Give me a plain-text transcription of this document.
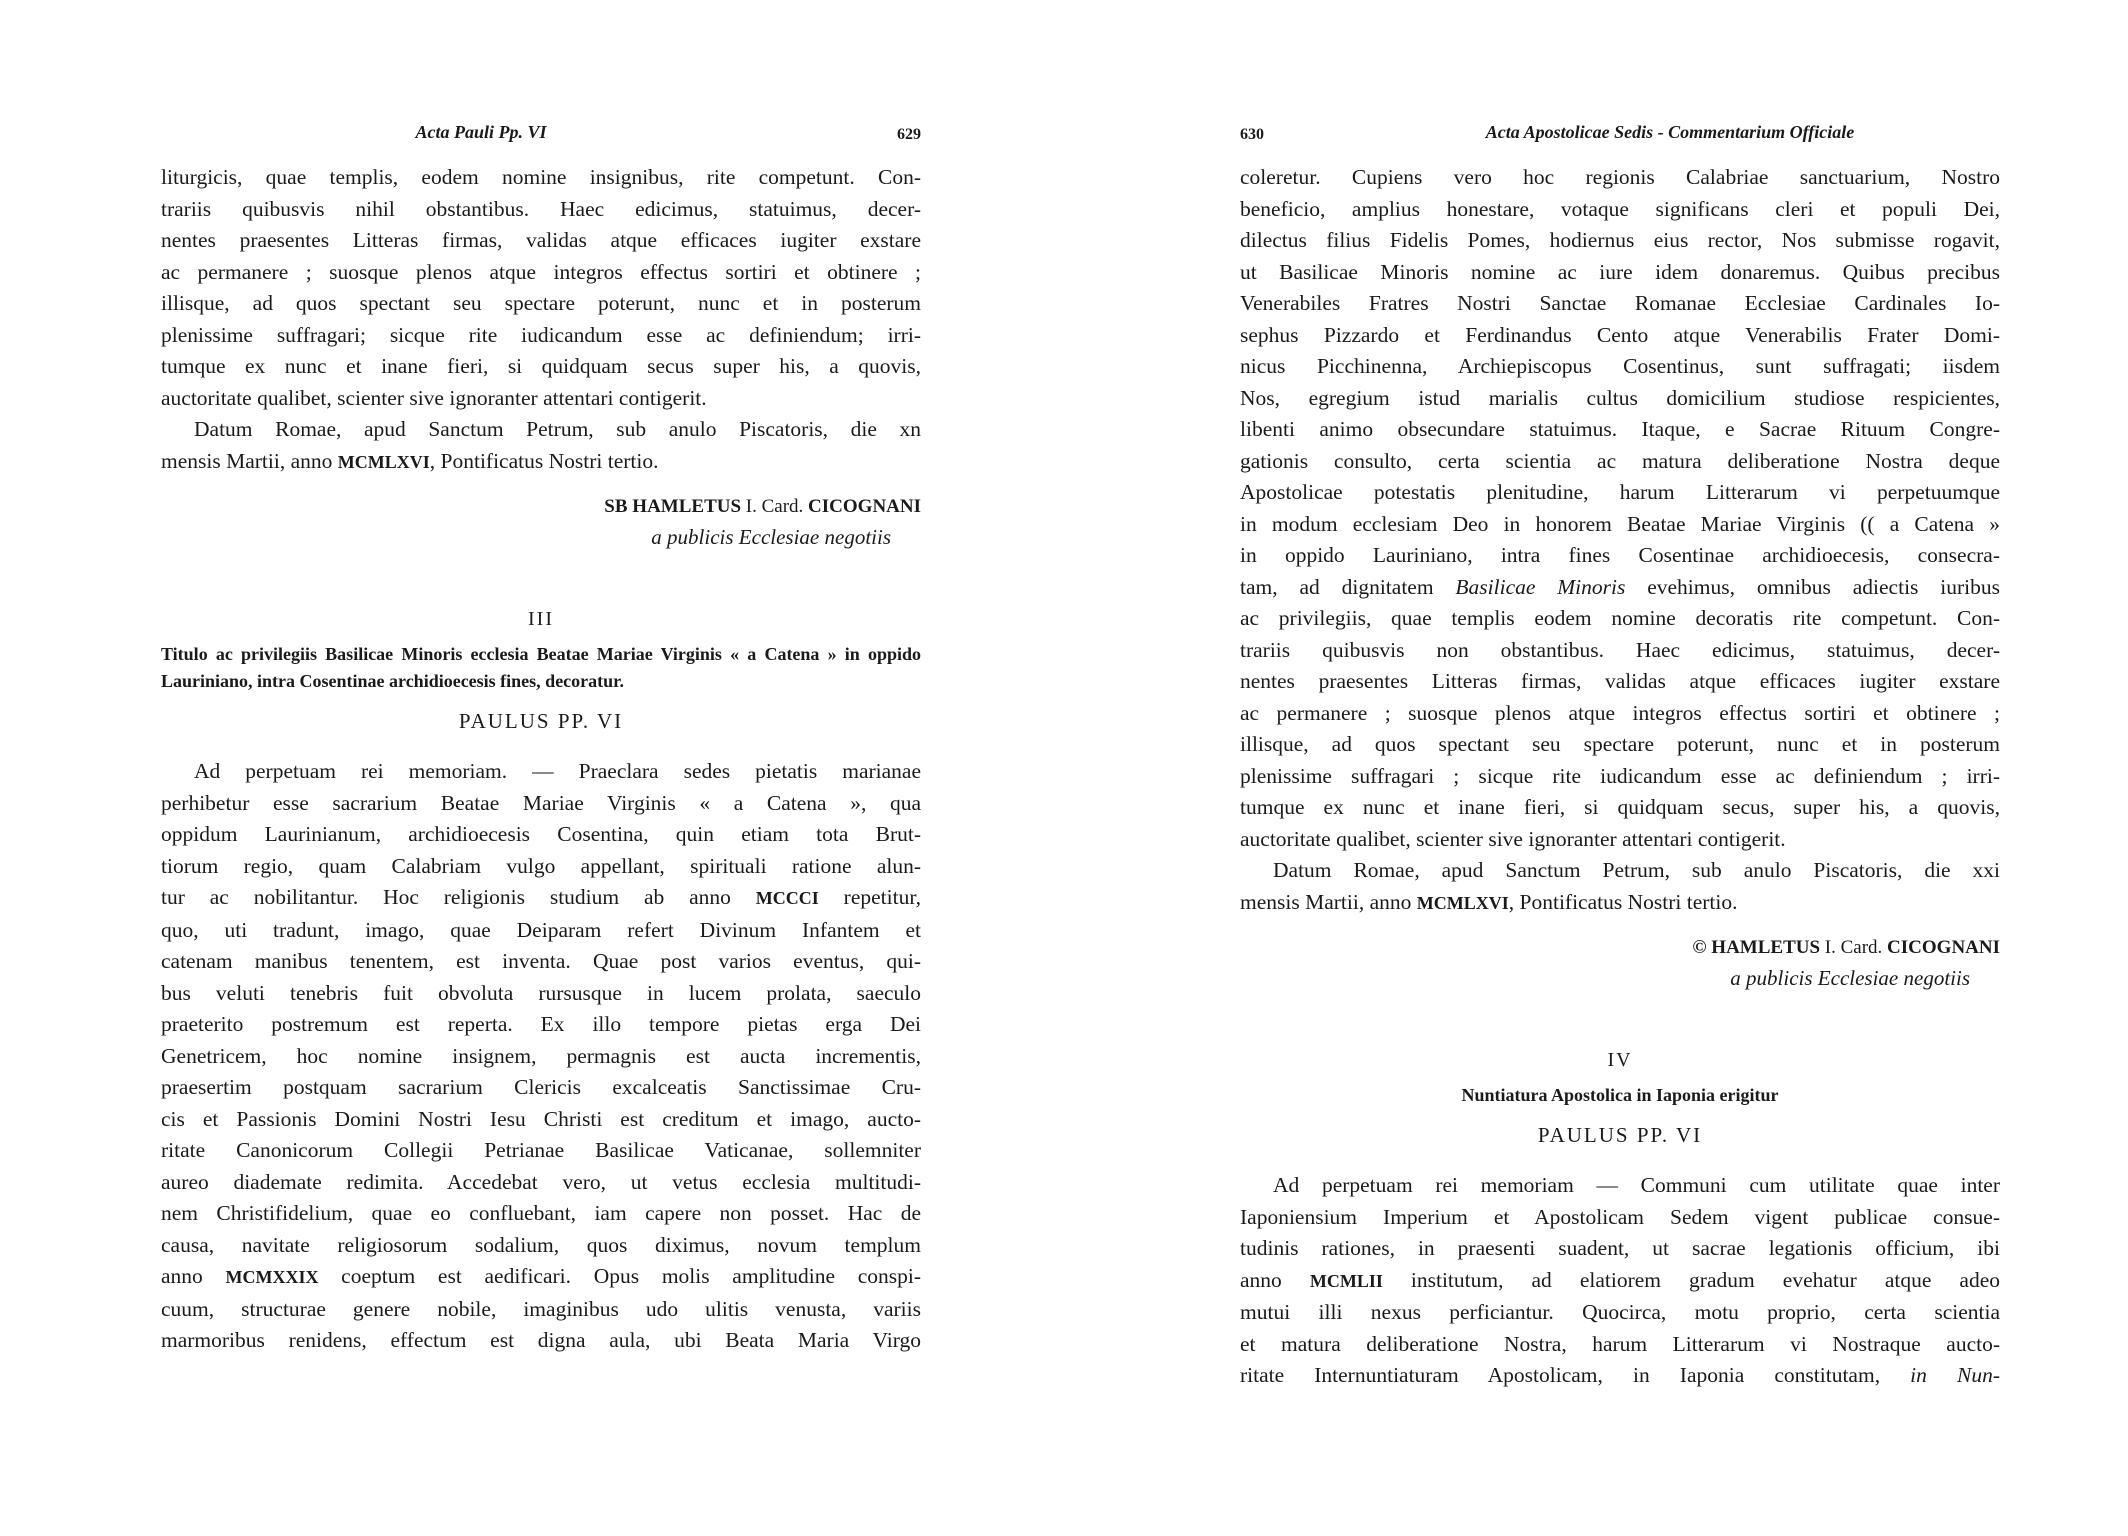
Acta Pauli Pp. VI	629

liturgicis, quae templis, eodem nomine insignibus, rite competunt. Con-

trariis quibusvis nihil obstantibus. Haec edicimus, statuimus, decer-

nentes praesentes Litteras firmas, validas atque efficaces iugiter exstare

ac permanere ; suosque plenos atque integros effectus sortiri et obtinere ;

illisque, ad quos spectant seu spectare poterunt, nunc et in posterum

plenissime suffragari; sicque rite iudicandum esse ac definiendum; irri-

tumque ex nunc et inane fieri, si quidquam secus super his, a quovis,

auctoritate qualibet, scienter sive ignoranter attentari contigerit.

Datum Romae, apud Sanctum Petrum, sub anulo Piscatoris, die xn

mensis Martii, anno MCMLXVI, Pontificatus Nostri tertio.

SB HAMLETUS I. Card. CICOGNANI
a publicis Ecclesiae negotiis
III

Titulo ac privilegiis Basilicae Minoris ecclesia Beatae Mariae Virginis « a Catena » in oppido Lauriniano, intra Cosentinae archidioecesis fines, decoratur.

PAULUS PP. VI

Ad perpetuam rei memoriam. — Praeclara sedes pietatis marianae

perhibetur esse sacrarium Beatae Mariae Virginis « a Catena », qua

oppidum Laurinianum, archidioecesis Cosentina, quin etiam tota Brut-

tiorum regio, quam Calabriam vulgo appellant, spirituali ratione alun-

tur ac nobilitantur. Hoc religionis studium ab anno MCCCI repetitur,

quo, uti tradunt, imago, quae Deiparam refert Divinum Infantem et

catenam manibus tenentem, est inventa. Quae post varios eventus, qui-

bus veluti tenebris fuit obvoluta rursusque in lucem prolata, saeculo

praeterito postremum est reperta. Ex illo tempore pietas erga Dei

Genetricem, hoc nomine insignem, permagnis est aucta incrementis,

praesertim postquam sacrarium Clericis excalceatis Sanctissimae Cru-

cis et Passionis Domini Nostri Iesu Christi est creditum et imago, aucto-

ritate Canonicorum Collegii Petrianae Basilicae Vaticanae, sollemniter

aureo diademate redimita. Accedebat vero, ut vetus ecclesia multitudi-

nem Christifidelium, quae eo confluebant, iam capere non posset. Hac de

causa, navitate religiosorum sodalium, quos diximus, novum templum

anno MCMXXIX coeptum est aedificari. Opus molis amplitudine conspi-

cuum, structurae genere nobile, imaginibus udo ulitis venusta, variis

marmoribus renidens, effectum est digna aula, ubi Beata Maria Virgo

630	Acta Apostolicae Sedis - Commentarium Officiale

coleretur. Cupiens vero hoc regionis Calabriae sanctuarium, Nostro

beneficio, amplius honestare, votaque significans cleri et populi Dei,

dilectus filius Fidelis Pomes, hodiernus eius rector, Nos submisse rogavit,

ut Basilicae Minoris nomine ac iure idem donaremus. Quibus precibus

Venerabiles Fratres Nostri Sanctae Romanae Ecclesiae Cardinales Io-

sephus Pizzardo et Ferdinandus Cento atque Venerabilis Frater Domi-

nicus Picchinenna, Archiepiscopus Cosentinus, sunt suffragati; iisdem

Nos, egregium istud marialis cultus domicilium studiose respicientes,

libenti animo obsecundare statuimus. Itaque, e Sacrae Rituum Congre-

gationis consulto, certa scientia ac matura deliberatione Nostra deque

Apostolicae potestatis plenitudine, harum Litterarum vi perpetuumque

in modum ecclesiam Deo in honorem Beatae Mariae Virginis (( a Catena »

in oppido Lauriniano, intra fines Cosentinae archidioecesis, consecra-

tam, ad dignitatem Basilicae Minoris evehimus, omnibus adiectis iuribus

ac privilegiis, quae templis eodem nomine decoratis rite competunt. Con-

trariis quibusvis non obstantibus. Haec edicimus, statuimus, decer-

nentes praesentes Litteras firmas, validas atque efficaces iugiter exstare

ac permanere ; suosque plenos atque integros effectus sortiri et obtinere ;

illisque, ad quos spectant seu spectare poterunt, nunc et in posterum

plenissime suffragari ; sicque rite iudicandum esse ac definiendum ; irri-

tumque ex nunc et inane fieri, si quidquam secus, super his, a quovis,

auctoritate qualibet, scienter sive ignoranter attentari contigerit.

Datum Romae, apud Sanctum Petrum, sub anulo Piscatoris, die xxi

mensis Martii, anno MCMLXVI, Pontificatus Nostri tertio.

© HAMLETUS I. Card. CICOGNANI
a publicis Ecclesiae negotiis
IV

Nuntiatura Apostolica in Iaponia erigitur

PAULUS PP. VI

Ad perpetuam rei memoriam — Communi cum utilitate quae inter

Iaponiensium Imperium et Apostolicam Sedem vigent publicae consue-

tudinis rationes, in praesenti suadent, ut sacrae legationis officium, ibi

anno MCMLII institutum, ad elatiorem gradum evehatur atque adeo

mutui illi nexus perficiantur. Quocirca, motu proprio, certa scientia

et matura deliberatione Nostra, harum Litterarum vi Nostraque aucto-

ritate Internuntiaturam Apostolicam, in Iaponia constitutam, in Nun-
